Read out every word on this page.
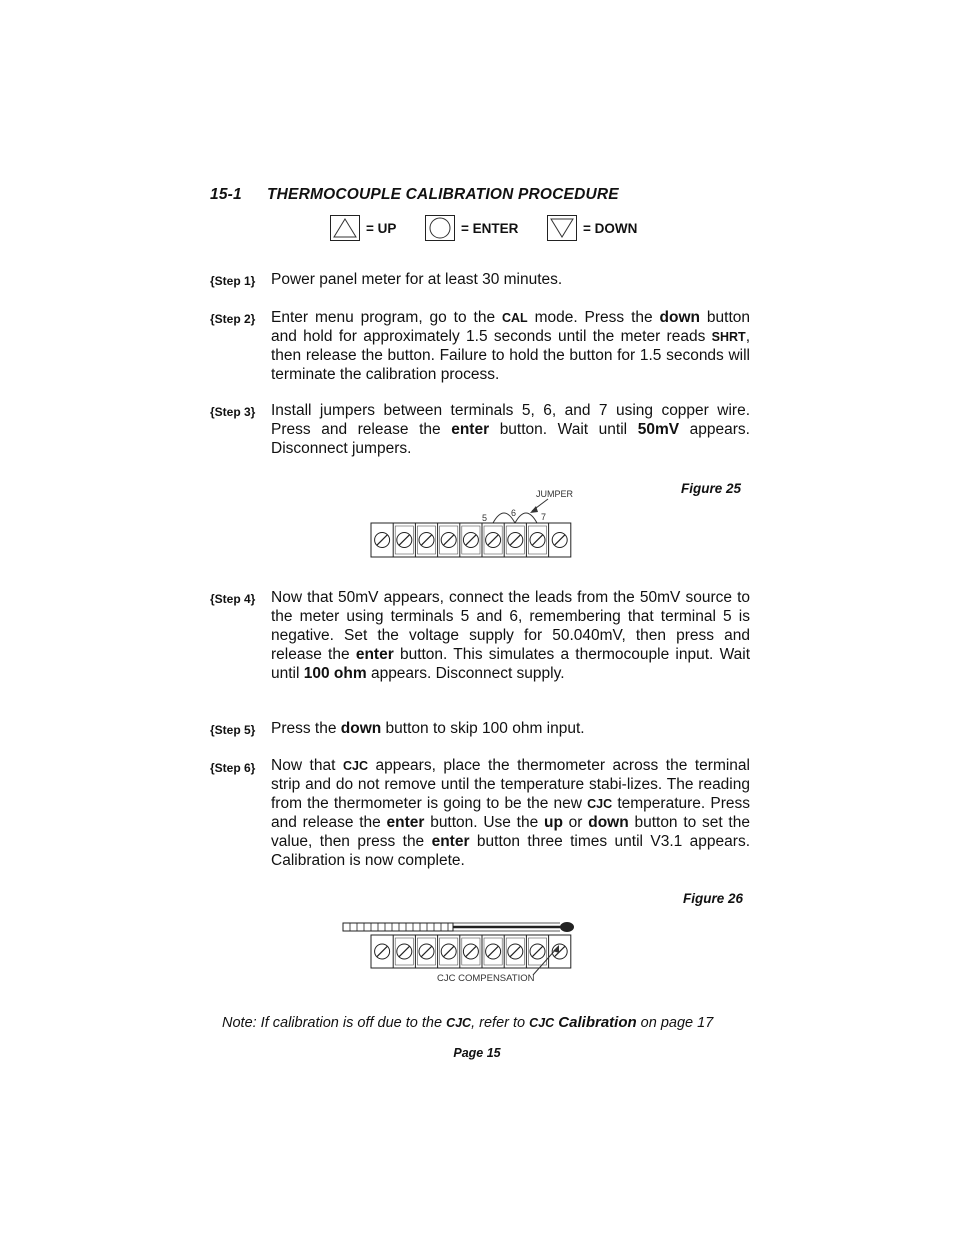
15-1 THERMOCOUPLE CALIBRATION PROCEDURE
= UP	= ENTER	= DOWN
{Step 1} Power panel meter for at least 30 minutes.
{Step 2} Enter menu program, go to the CAL mode. Press the down button and hold for approximately 1.5 seconds until the meter reads SHRT, then release the button. Failure to hold the button for 1.5 seconds will terminate the calibration process.
{Step 3} Install jumpers between terminals 5, 6, and 7 using copper wire. Press and release the enter button. Wait until 50mV appears. Disconnect jumpers.
Figure 25
JUMPER
5	6	7
{Step 4} Now that 50mV appears, connect the leads from the 50mV source to the meter using terminals 5 and 6, remembering that terminal 5 is negative. Set the voltage supply for 50.040mV, then press and release the enter button. This simulates a thermocouple input. Wait until 100 ohm appears. Disconnect supply.
{Step 5} Press the down button to skip 100 ohm input.
{Step 6} Now that CJC appears, place the thermometer across the terminal strip and do not remove until the temperature stabi-lizes. The reading from the thermometer is going to be the new CJC temperature. Press and release the enter button. Use the up or down button to set the value, then press the enter button three times until V3.1 appears. Calibration is now complete.
Figure 26
CJC COMPENSATION
Note: If calibration is off due to the CJC, refer to CJC Calibration on page 17
Page 15
